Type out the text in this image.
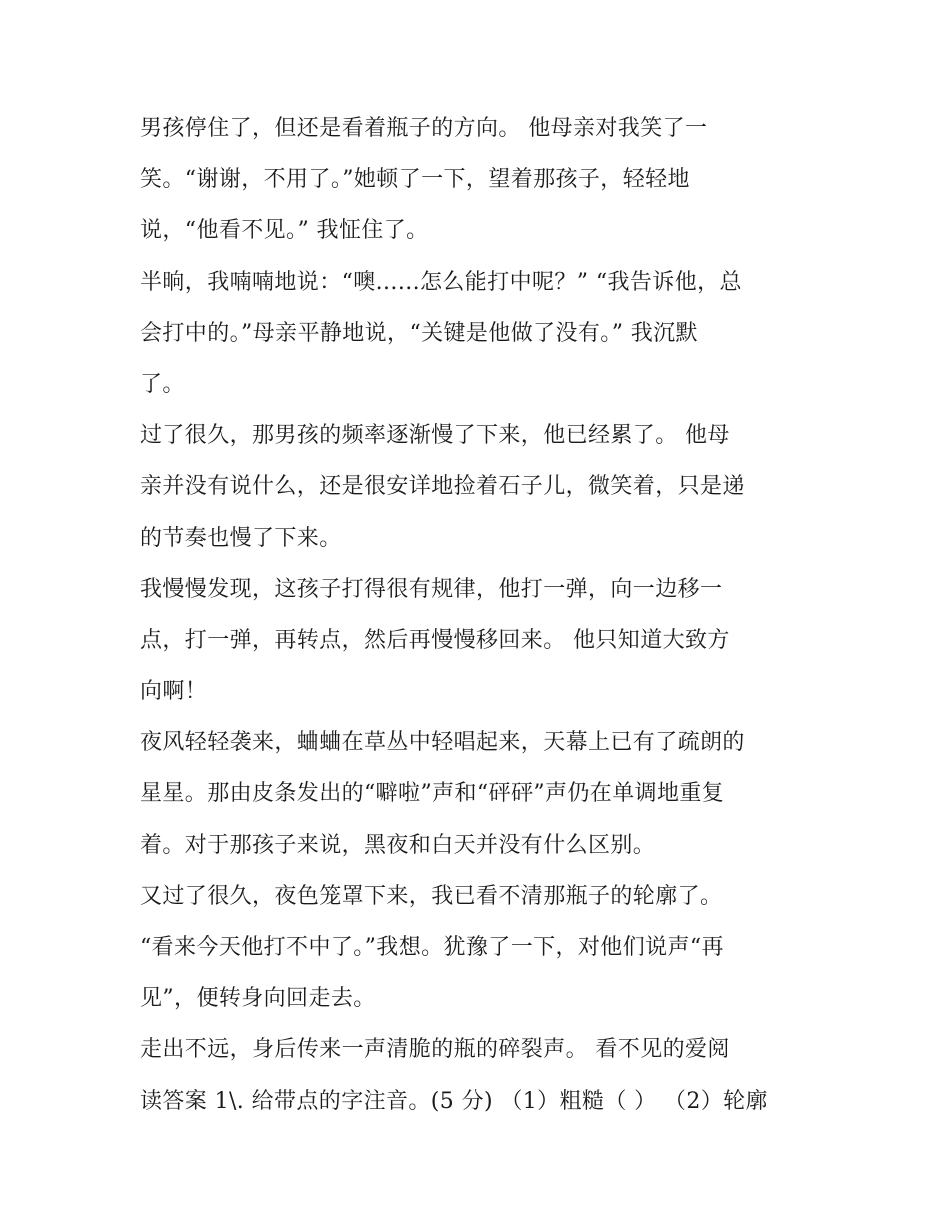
男孩停住了，但还是看着瓶子的方向。 他母亲对我笑了一
笑。“谢谢，不用了。”她顿了一下，望着那孩子，轻轻地
说，“他看不见。” 我怔住了。
半晌，我喃喃地说：“噢......怎么能打中呢？” “我告诉他，总
会打中的。”母亲平静地说，“关键是他做了没有。” 我沉默
了。
过了很久，那男孩的频率逐渐慢了下来，他已经累了。 他母
亲并没有说什么，还是很安详地捡着石子儿，微笑着，只是递
的节奏也慢了下来。
我慢慢发现，这孩子打得很有规律，他打一弹，向一边移一
点，打一弹，再转点，然后再慢慢移回来。 他只知道大致方
向啊！
夜风轻轻袭来，蛐蛐在草丛中轻唱起来，天幕上已有了疏朗的
星星。那由皮条发出的“噼啦”声和“砰砰”声仍在单调地重复
着。对于那孩子来说，黑夜和白天并没有什么区别。
又过了很久，夜色笼罩下来，我已看不清那瓶子的轮廓了。
“看来今天他打不中了。”我想。犹豫了一下，对他们说声“再
见”，便转身向回走去。
走出不远，身后传来一声清脆的瓶的碎裂声。 看不见的爱阅
读答案 1\. 给带点的字注音。(5 分) （1）粗糙（ ） （2）轮廓
